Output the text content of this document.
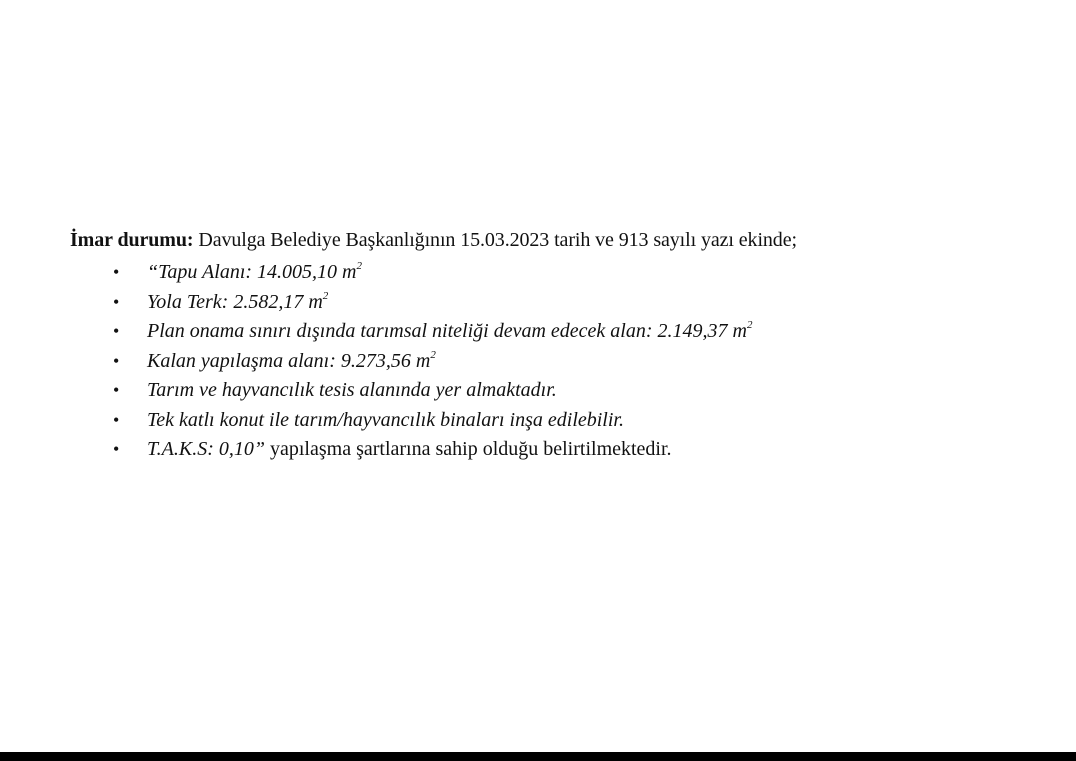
İmar durumu: Davulga Belediye Başkanlığının 15.03.2023 tarih ve 913 sayılı yazı ekinde;
• “Tapu Alanı: 14.005,10 $m^2$
• Yola Terk: 2.582,17 $m^2$
• Plan onama sınırı dışında tarımsal niteliği devam edecek alan: 2.149,37 $m^2$
• Kalan yapılaşma alanı: 9.273,56 $m^2$
• Tarım ve hayvancılık tesis alanında yer almaktadır.
• Tek katlı konut ile tarım/hayvancılık binaları inşa edilebilir.
• T.A.K.S: 0,10” yapılaşma şartlarına sahip olduğu belirtilmektedir.
